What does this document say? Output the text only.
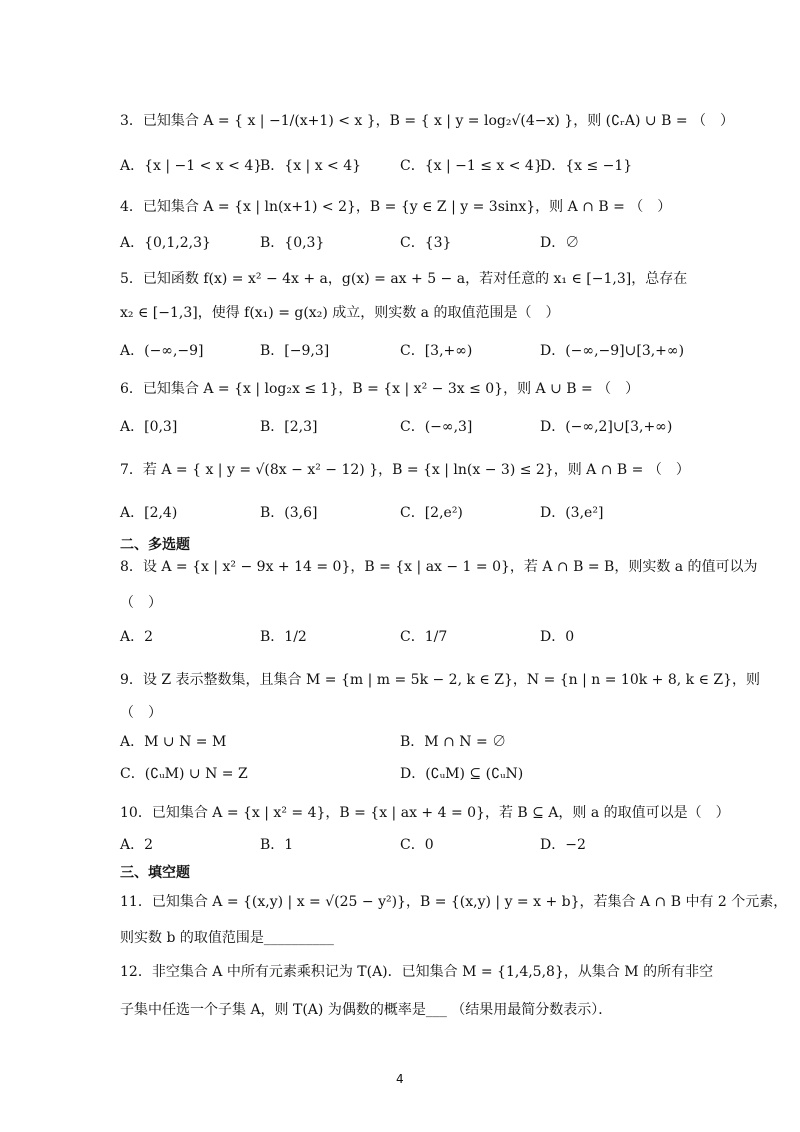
3．已知集合 A = { x | −1/(x+1) < x }，B = { x | y = log₂√(4−x) }，则 (∁ᵣA) ∪ B = （　）
A．{x | −1 < x < 4}
B．{x | x < 4}	C．{x | −1 ≤ x < 4}
D．{x ≤ −1}
4．已知集合 A = {x | ln(x+1) < 2}，B = {y ∈ Z | y = 3sinx}，则 A ∩ B = （　）
A．{0,1,2,3}	B．{0,3}	C．{3}	D．∅
5．已知函数 f(x) = x² − 4x + a，g(x) = ax + 5 − a，若对任意的 x₁ ∈ [−1,3]，总存在
x₂ ∈ [−1,3]，使得 f(x₁) = g(x₂) 成立，则实数 a 的取值范围是（　）
A．(−∞,−9]	B．[−9,3]	C．[3,+∞)	D．(−∞,−9]∪[3,+∞)
6．已知集合 A = {x | log₂x ≤ 1}，B = {x | x² − 3x ≤ 0}，则 A ∪ B = （　）
A．[0,3]	B．[2,3]	C．(−∞,3]	D．(−∞,2]∪[3,+∞)
7．若 A = { x | y = √(8x − x² − 12) }，B = {x | ln(x − 3) ≤ 2}，则 A ∩ B = （　）
A．[2,4)	B．(3,6]	C．[2,e²)	D．(3,e²]
二、多选题
8．设 A = {x | x² − 9x + 14 = 0}，B = {x | ax − 1 = 0}，若 A ∩ B = B，则实数 a 的值可以为
（　）
A．2	B．1/2	C．1/7	D．0
9．设 Z 表示整数集，且集合 M = {m | m = 5k − 2, k ∈ Z}，N = {n | n = 10k + 8, k ∈ Z}，则
（　）
A．M ∪ N = M	B．M ∩ N = ∅
C．(∁ᵤM) ∪ N = Z	D．(∁ᵤM) ⊆ (∁ᵤN)
10．已知集合 A = {x | x² = 4}，B = {x | ax + 4 = 0}，若 B ⊆ A，则 a 的取值可以是（　）
A．2	B．1	C．0	D．−2
三、填空题
11．已知集合 A = {(x,y) | x = √(25 − y²)}，B = {(x,y) | y = x + b}，若集合 A ∩ B 中有 2 个元素，
则实数 b 的取值范围是__________
12．非空集合 A 中所有元素乘积记为 T(A)．已知集合 M = {1,4,5,8}，从集合 M 的所有非空
子集中任选一个子集 A，则 T(A) 为偶数的概率是___ （结果用最简分数表示）．
4
